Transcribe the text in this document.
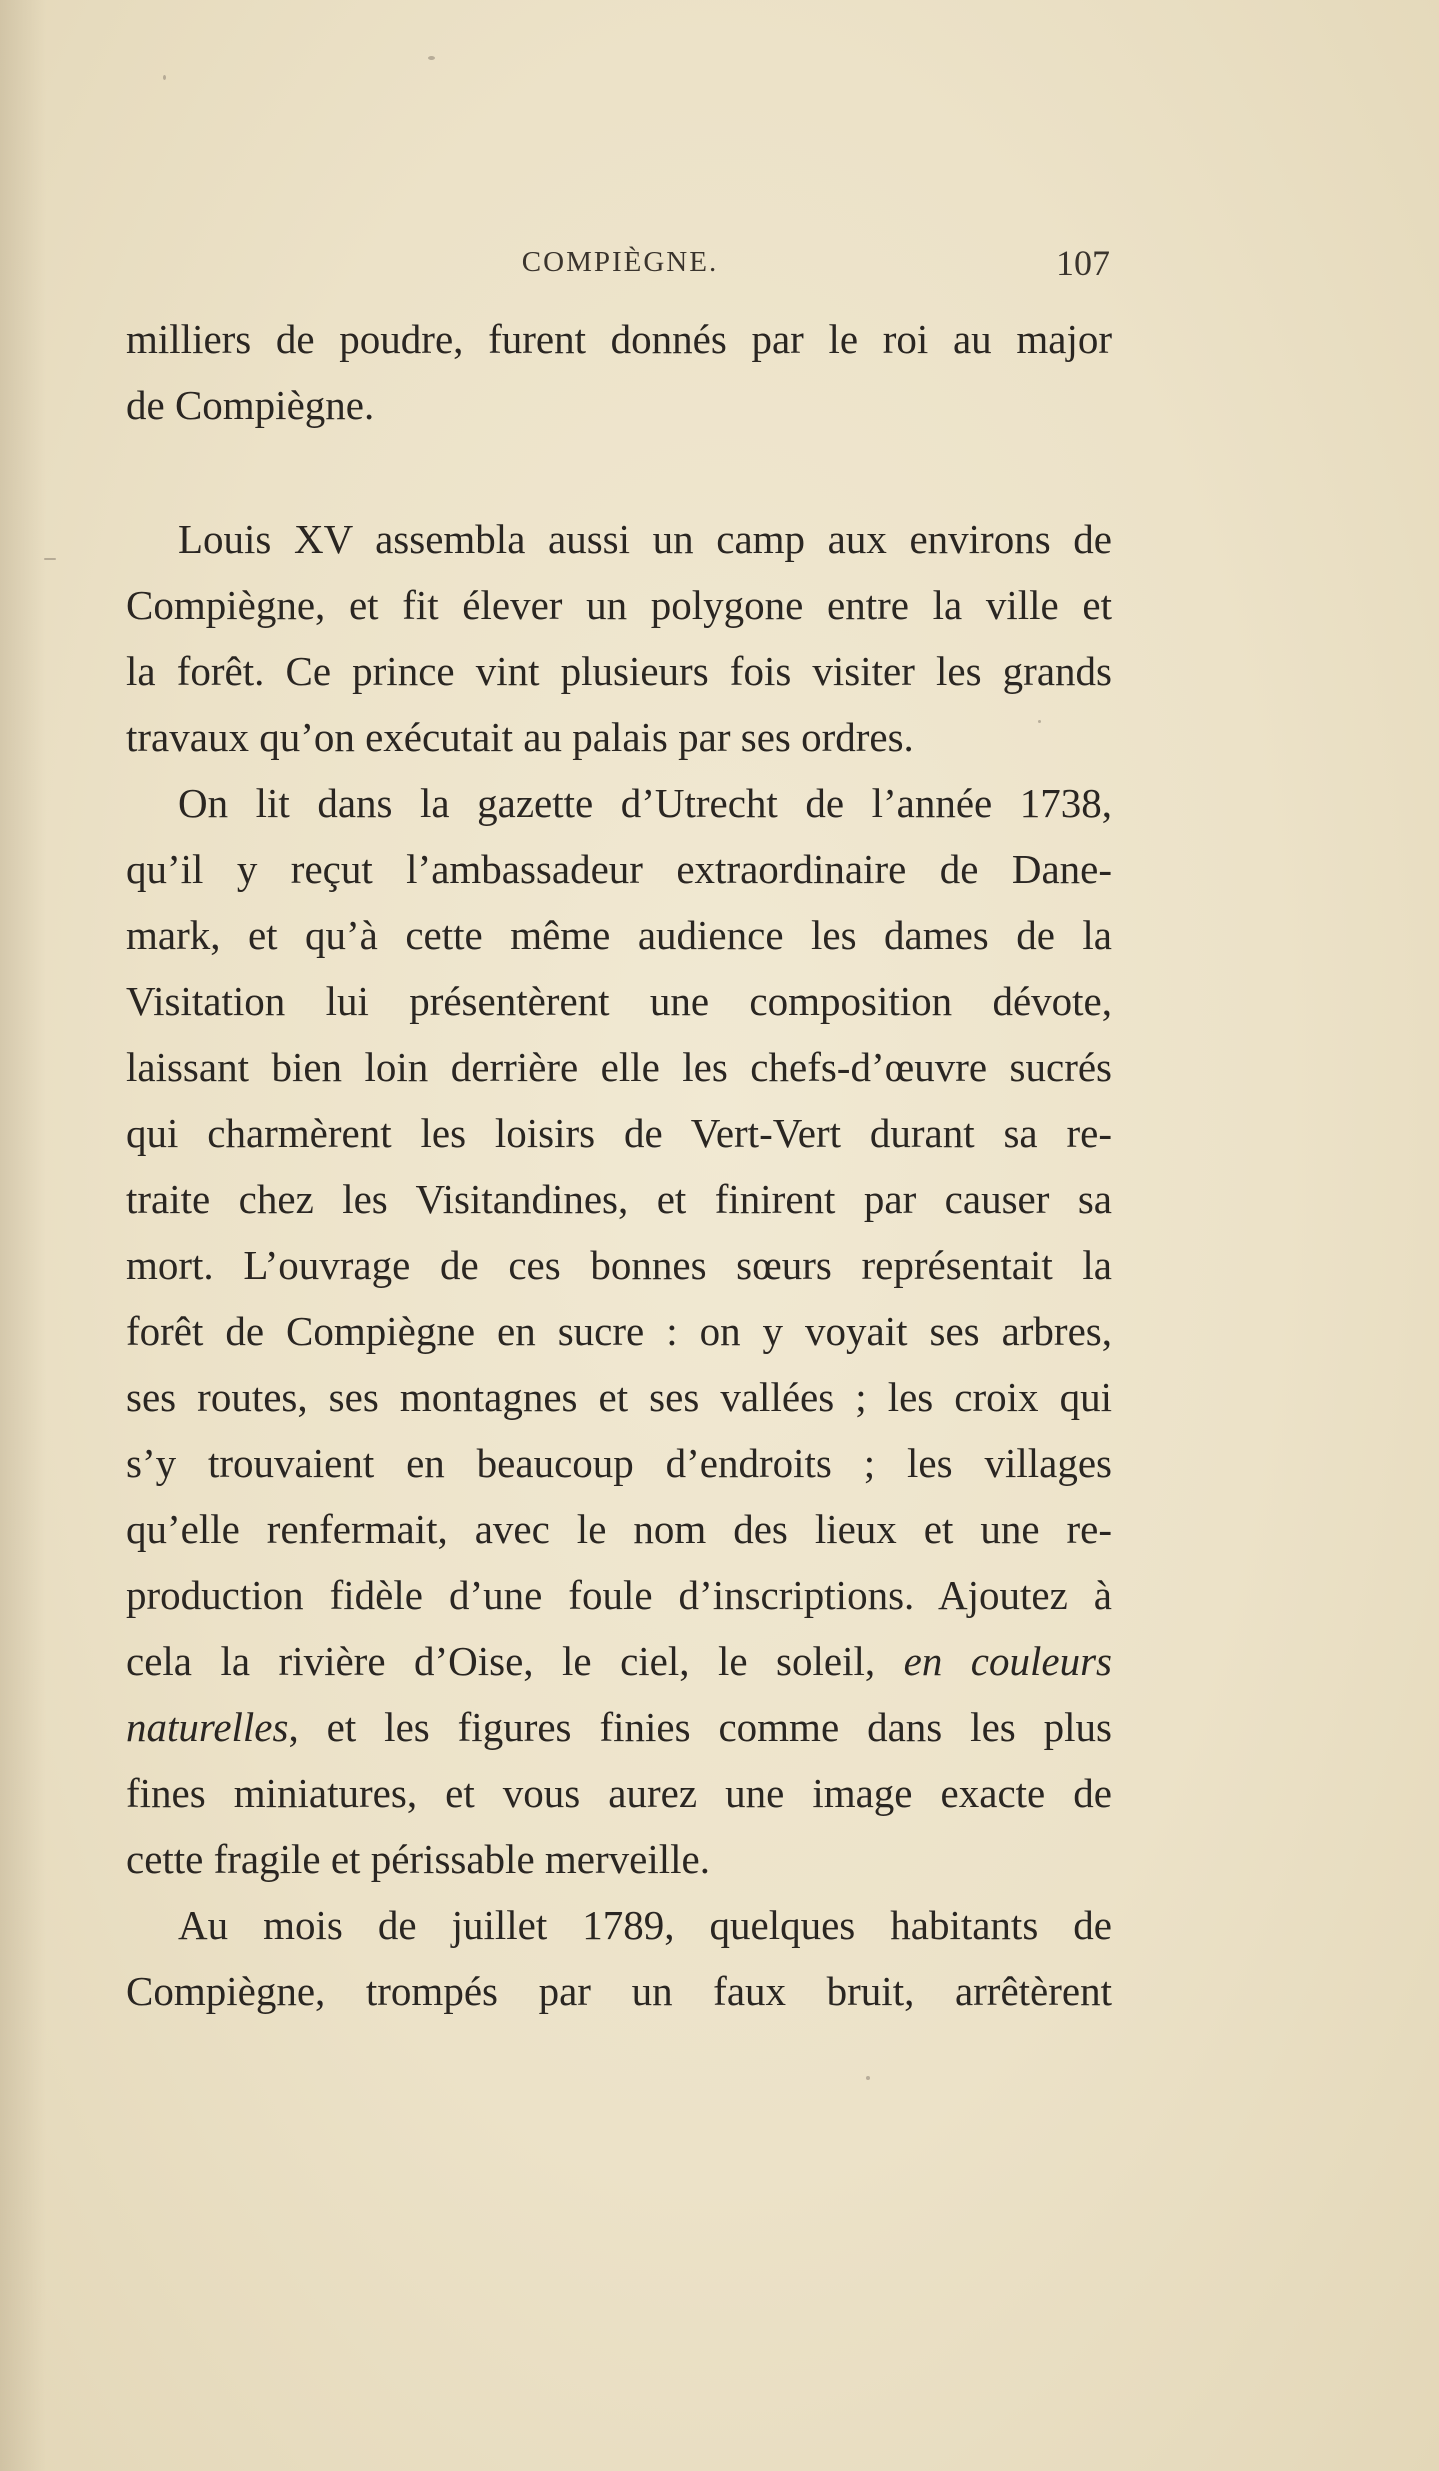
COMPIÈGNE.	107
milliers de poudre, furent donnés par le roi au major
de Compiègne.
Louis XV assembla aussi un camp aux environs de
Compiègne, et fit élever un polygone entre la ville et
la forêt. Ce prince vint plusieurs fois visiter les grands
travaux qu’on exécutait au palais par ses ordres.
On lit dans la gazette d’Utrecht de l’année 1738,
qu’il y reçut l’ambassadeur extraordinaire de Dane-
mark, et qu’à cette même audience les dames de la
Visitation lui présentèrent une composition dévote,
laissant bien loin derrière elle les chefs-d’œuvre sucrés
qui charmèrent les loisirs de Vert-Vert durant sa re-
traite chez les Visitandines, et finirent par causer sa
mort. L’ouvrage de ces bonnes sœurs représentait la
forêt de Compiègne en sucre : on y voyait ses arbres,
ses routes, ses montagnes et ses vallées ; les croix qui
s’y trouvaient en beaucoup d’endroits ; les villages
qu’elle renfermait, avec le nom des lieux et une re-
production fidèle d’une foule d’inscriptions. Ajoutez à
cela la rivière d’Oise, le ciel, le soleil, en couleurs
naturelles, et les figures finies comme dans les plus
fines miniatures, et vous aurez une image exacte de
cette fragile et périssable merveille.
Au mois de juillet 1789, quelques habitants de
Compiègne, trompés par un faux bruit, arrêtèrent
